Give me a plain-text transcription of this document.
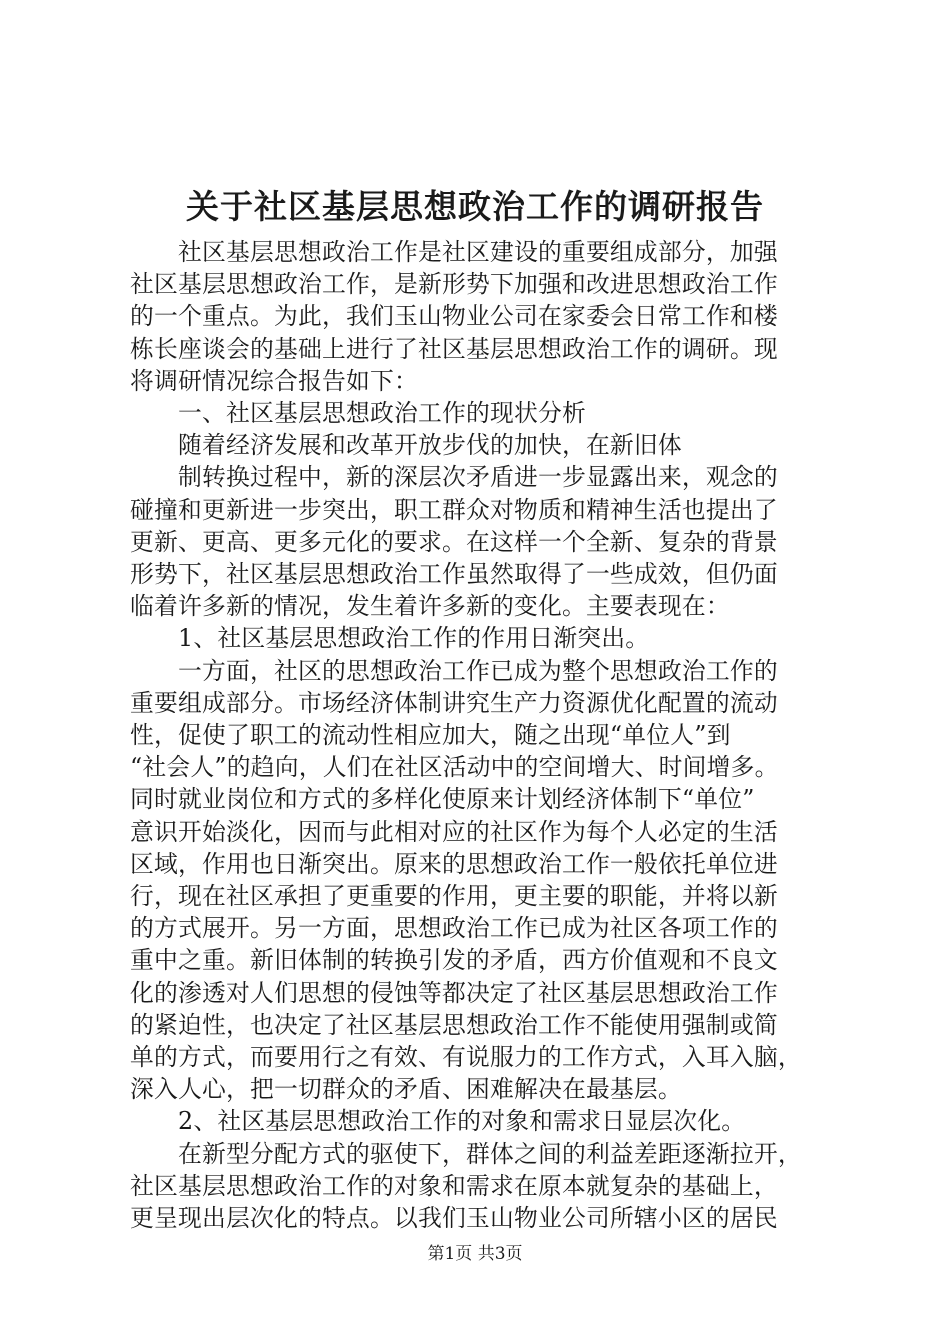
关于社区基层思想政治工作的调研报告
　　社区基层思想政治工作是社区建设的重要组成部分，加强
社区基层思想政治工作，是新形势下加强和改进思想政治工作
的一个重点。为此，我们玉山物业公司在家委会日常工作和楼
栋长座谈会的基础上进行了社区基层思想政治工作的调研。现
将调研情况综合报告如下：
　　一、社区基层思想政治工作的现状分析
　　随着经济发展和改革开放步伐的加快，在新旧体
　　制转换过程中，新的深层次矛盾进一步显露出来，观念的
碰撞和更新进一步突出，职工群众对物质和精神生活也提出了
更新、更高、更多元化的要求。在这样一个全新、复杂的背景
形势下，社区基层思想政治工作虽然取得了一些成效，但仍面
临着许多新的情况，发生着许多新的变化。主要表现在：
　　1、社区基层思想政治工作的作用日渐突出。
　　一方面，社区的思想政治工作已成为整个思想政治工作的
重要组成部分。市场经济体制讲究生产力资源优化配置的流动
性，促使了职工的流动性相应加大，随之出现“单位人”到
“社会人”的趋向，人们在社区活动中的空间增大、时间增多。
同时就业岗位和方式的多样化使原来计划经济体制下“单位”
意识开始淡化，因而与此相对应的社区作为每个人必定的生活
区域，作用也日渐突出。原来的思想政治工作一般依托单位进
行，现在社区承担了更重要的作用，更主要的职能，并将以新
的方式展开。另一方面，思想政治工作已成为社区各项工作的
重中之重。新旧体制的转换引发的矛盾，西方价值观和不良文
化的渗透对人们思想的侵蚀等都决定了社区基层思想政治工作
的紧迫性，也决定了社区基层思想政治工作不能使用强制或简
单的方式，而要用行之有效、有说服力的工作方式，入耳入脑，
深入人心，把一切群众的矛盾、困难解决在最基层。
　　2、社区基层思想政治工作的对象和需求日显层次化。
　　在新型分配方式的驱使下，群体之间的利益差距逐渐拉开，
社区基层思想政治工作的对象和需求在原本就复杂的基础上，
更呈现出层次化的特点。以我们玉山物业公司所辖小区的居民
第1页 共3页
